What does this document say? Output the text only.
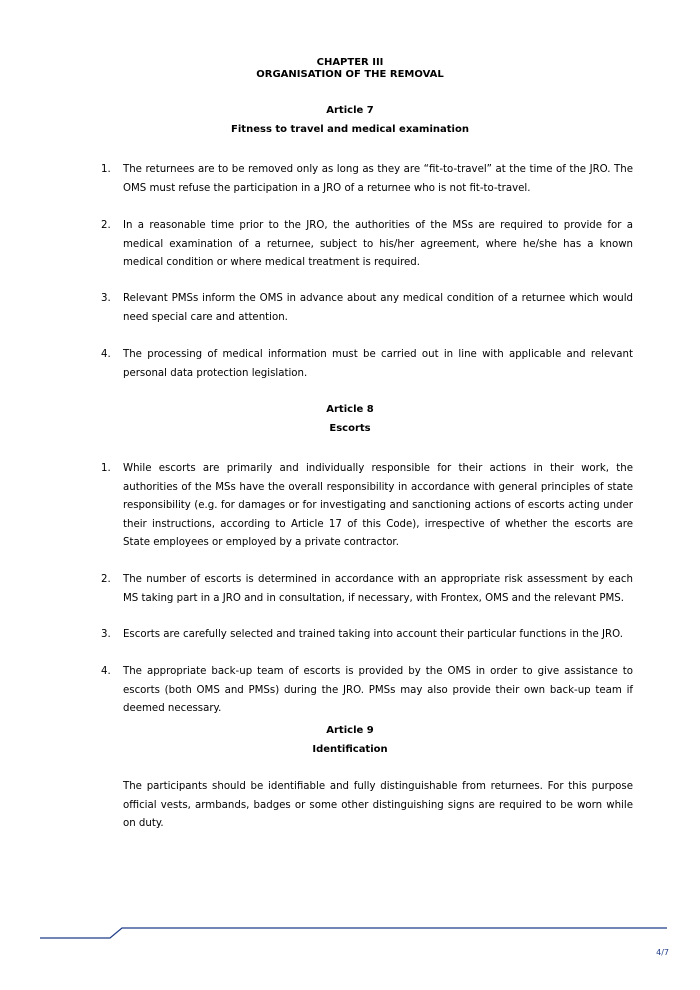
CHAPTER III
ORGANISATION OF THE REMOVAL
Article 7
Fitness to travel and medical examination
1.	The returnees are to be removed only as long as they are “fit-to-travel” at the time of the JRO. The OMS must refuse the participation in a JRO of a returnee who is not fit-to-travel.
2.	In a reasonable time prior to the JRO, the authorities of the MSs are required to provide for a medical examination of a returnee, subject to his/her agreement, where he/she has a known medical condition or where medical treatment is required.
3.	Relevant PMSs inform the OMS in advance about any medical condition of a returnee which would need special care and attention.
4.	The processing of medical information must be carried out in line with applicable and relevant personal data protection legislation.
Article 8
Escorts
1.	While escorts are primarily and individually responsible for their actions in their work, the authorities of the MSs have the overall responsibility in accordance with general principles of state responsibility (e.g. for damages or for investigating and sanctioning actions of escorts acting under their instructions, according to Article 17 of this Code), irrespective of whether the escorts are State employees or employed by a private contractor.
2.	The number of escorts is determined in accordance with an appropriate risk assessment by each MS taking part in a JRO and in consultation, if necessary, with Frontex, OMS and the relevant PMS.
3.	Escorts are carefully selected and trained taking into account their particular functions in the JRO.
4.	The appropriate back-up team of escorts is provided by the OMS in order to give assistance to escorts (both OMS and PMSs) during the JRO. PMSs may also provide their own back-up team if deemed necessary.
Article 9
Identification
The participants should be identifiable and fully distinguishable from returnees. For this purpose official vests, armbands, badges or some other distinguishing signs are required to be worn while on duty.
4/7
